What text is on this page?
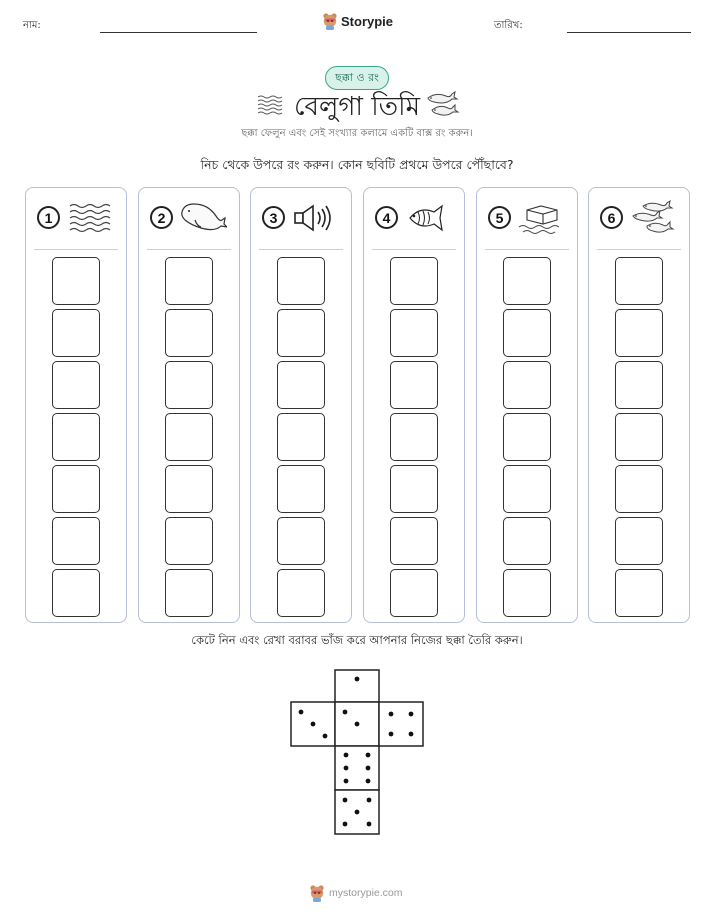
নাম:	Storypie	তারিখ:
ছক্কা ও রং
বেলুগা তিমি
ছক্কা ফেলুন এবং সেই সংখ্যার কলামে একটি বাক্স রং করুন।
নিচ থেকে উপরে রং করুন। কোন ছবিটি প্রথমে উপরে পৌঁছাবে?
1	2	3	4	5	6
কেটে নিন এবং রেখা বরাবর ভাঁজ করে আপনার নিজের ছক্কা তৈরি করুন।
mystorypie.com
